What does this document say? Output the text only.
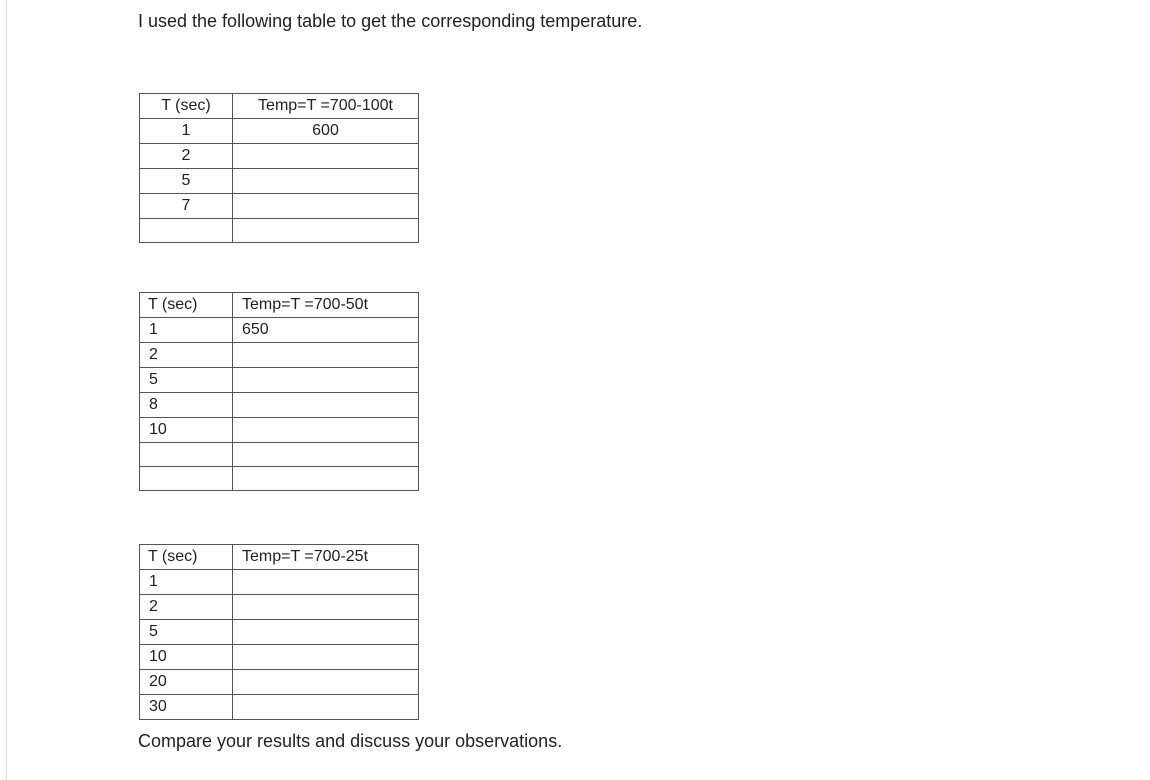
I used the following table to get the corresponding temperature.
T (sec)	Temp=T =700-100t
1	600
2	
5	
7	

T (sec)	Temp=T =700-50t
1	650
2	
5	
8	
10	

T (sec)	Temp=T =700-25t
1	
2	
5	
10	
20	
30	
Compare your results and discuss your observations.
